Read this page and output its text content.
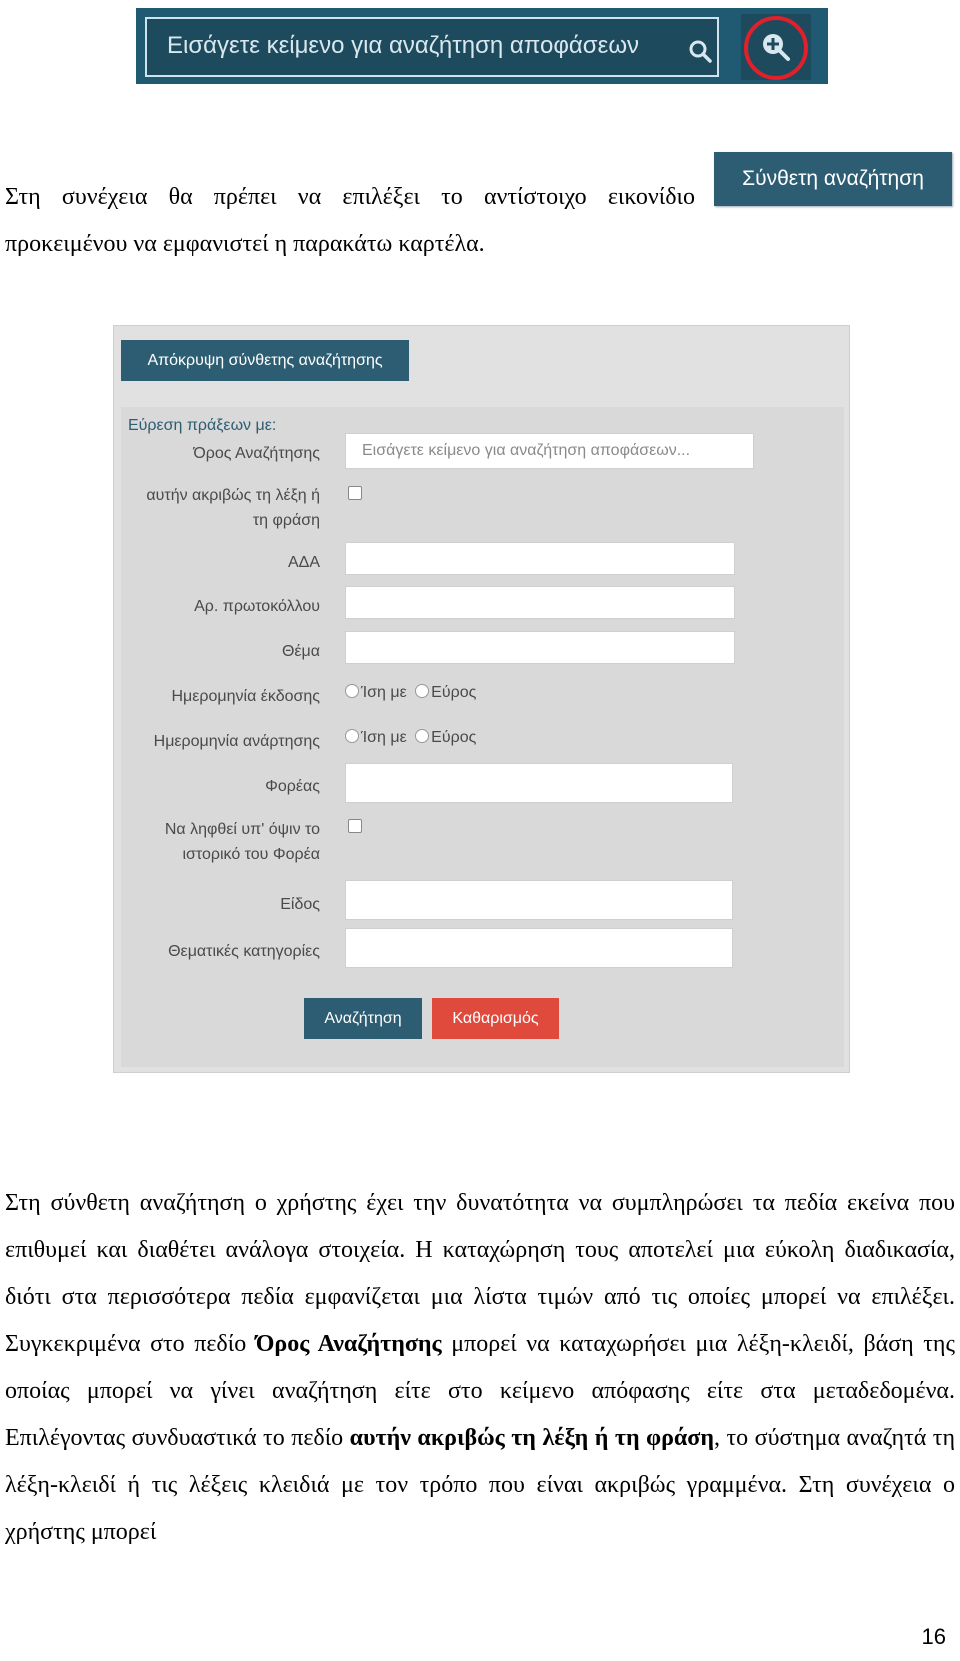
Εισάγετε κείμενο για αναζήτηση αποφάσεων
Στη συνέχεια θα πρέπει να επιλέξει το αντίστοιχο εικονίδιο
προκειμένου να εμφανιστεί η παρακάτω καρτέλα.
Σύνθετη αναζήτηση
Απόκρυψη σύνθετης αναζήτησης
Εύρεση πράξεων με:
Όρος Αναζήτησης	Εισάγετε κείμενο για αναζήτηση αποφάσεων...
αυτήν ακριβώς τη λέξη ή
τη φράση
ΑΔΑ
Αρ. πρωτοκόλλου
Θέμα
Ημερομηνία έκδοσης	Ίση με Εύρος
Ημερομηνία ανάρτησης	Ίση με Εύρος
Φορέας
Να ληφθεί υπ' όψιν το
ιστορικό του Φορέα
Είδος
Θεματικές κατηγορίες
Αναζήτηση	Καθαρισμός
Στη σύνθετη αναζήτηση ο χρήστης έχει την δυνατότητα να συμπληρώσει τα πεδία εκείνα που επιθυμεί και διαθέτει ανάλογα στοιχεία. Η καταχώρηση τους αποτελεί μια εύκολη διαδικασία, διότι στα περισσότερα πεδία εμφανίζεται μια λίστα τιμών από τις οποίες μπορεί να επιλέξει. Συγκεκριμένα στο πεδίο Όρος Αναζήτησης μπορεί να καταχωρήσει μια λέξη-κλειδί, βάση της οποίας μπορεί να γίνει αναζήτηση είτε στο κείμενο απόφασης είτε στα μεταδεδομένα. Επιλέγοντας συνδυαστικά το πεδίο αυτήν ακριβώς τη λέξη ή τη φράση, το σύστημα αναζητά τη λέξη-κλειδί ή τις λέξεις κλειδιά με τον τρόπο που είναι ακριβώς γραμμένα. Στη συνέχεια ο χρήστης μπορεί
16
